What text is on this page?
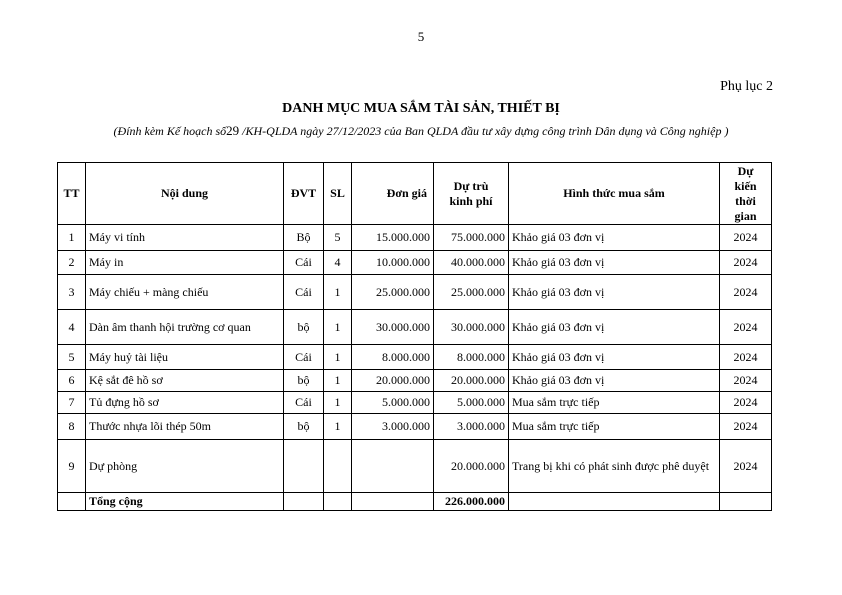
5
Phụ lục 2
DANH MỤC MUA SẮM TÀI SẢN, THIẾT BỊ
(Đính kèm Kế hoạch số29 /KH-QLDA ngày 27/12/2023 của Ban QLDA đầu tư xây dựng công trình Dân dụng và Công nghiệp )
TT	Nội dung	ĐVT	SL	Đơn giá	Dự trù kinh phí	Hình thức mua sắm	Dự kiến thời gian
1	Máy vi tính	Bộ	5	15.000.000	75.000.000	Khảo giá 03 đơn vị	2024
2	Máy in	Cái	4	10.000.000	40.000.000	Khảo giá 03 đơn vị	2024
3	Máy chiếu + màng chiếu	Cái	1	25.000.000	25.000.000	Khảo giá 03 đơn vị	2024
4	Dàn âm thanh hội trường cơ quan	bộ	1	30.000.000	30.000.000	Khảo giá 03 đơn vị	2024
5	Máy huỷ tài liệu	Cái	1	8.000.000	8.000.000	Khảo giá 03 đơn vị	2024
6	Kệ sắt đê hồ sơ	bộ	1	20.000.000	20.000.000	Khảo giá 03 đơn vị	2024
7	Tủ đựng hồ sơ	Cái	1	5.000.000	5.000.000	Mua sắm trực tiếp	2024
8	Thước nhựa lõi thép 50m	bộ	1	3.000.000	3.000.000	Mua sắm trực tiếp	2024
9	Dự phòng				20.000.000	Trang bị khi có phát sinh được phê duyệt	2024
	Tổng cộng				226.000.000		
